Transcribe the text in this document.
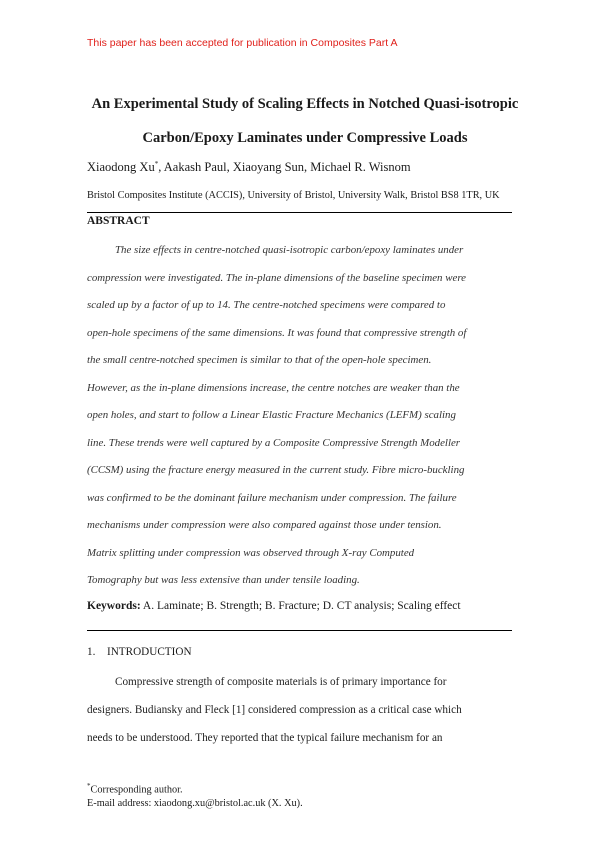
This paper has been accepted for publication in Composites Part A
An Experimental Study of Scaling Effects in Notched Quasi-isotropic
Carbon/Epoxy Laminates under Compressive Loads
Xiaodong Xu*, Aakash Paul, Xiaoyang Sun, Michael R. Wisnom
Bristol Composites Institute (ACCIS), University of Bristol, University Walk, Bristol BS8 1TR, UK
ABSTRACT
The size effects in centre-notched quasi-isotropic carbon/epoxy laminates under
compression were investigated. The in-plane dimensions of the baseline specimen were
scaled up by a factor of up to 14. The centre-notched specimens were compared to
open-hole specimens of the same dimensions. It was found that compressive strength of
the small centre-notched specimen is similar to that of the open-hole specimen.
However, as the in-plane dimensions increase, the centre notches are weaker than the
open holes, and start to follow a Linear Elastic Fracture Mechanics (LEFM) scaling
line. These trends were well captured by a Composite Compressive Strength Modeller
(CCSM) using the fracture energy measured in the current study. Fibre micro-buckling
was confirmed to be the dominant failure mechanism under compression. The failure
mechanisms under compression were also compared against those under tension.
Matrix splitting under compression was observed through X-ray Computed
Tomography but was less extensive than under tensile loading.
Keywords: A. Laminate; B. Strength; B. Fracture; D. CT analysis; Scaling effect
1. INTRODUCTION
Compressive strength of composite materials is of primary importance for
designers. Budiansky and Fleck [1] considered compression as a critical case which
needs to be understood. They reported that the typical failure mechanism for an
*Corresponding author.
E-mail address: xiaodong.xu@bristol.ac.uk (X. Xu).
